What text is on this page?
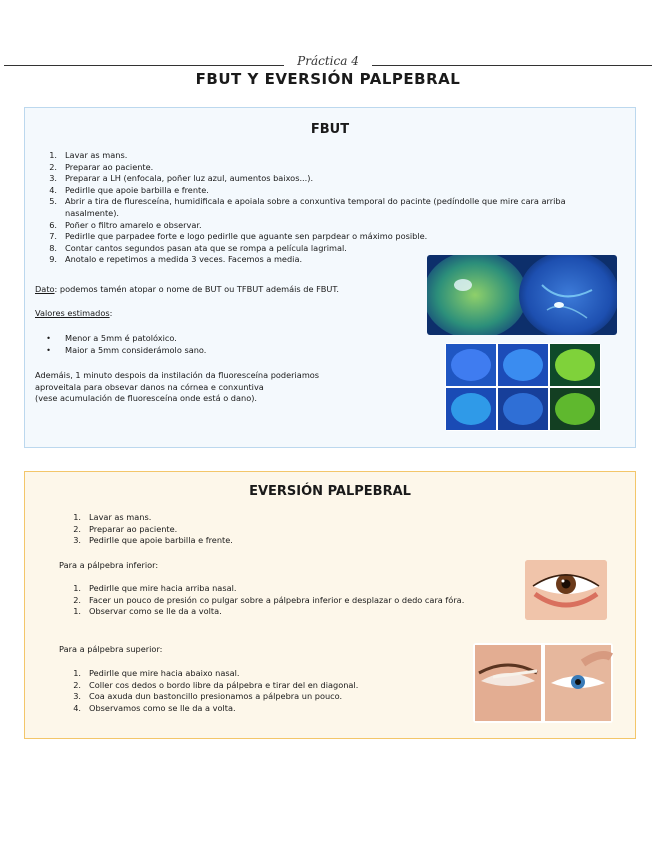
Práctica 4
FBUT Y EVERSIÓN PALPEBRAL
FBUT
1. Lavar as mans.
2. Preparar ao paciente.
3. Preparar a LH (enfocala, poñer luz azul, aumentos baixos...).
4. Pedirlle que apoie barbilla e frente.
5. Abrir a tira de fluresceína, humidificala e apoiala sobre a conxuntiva temporal do pacinte (pedíndolle que mire cara arriba nasalmente).
6. Poñer o filtro amarelo e observar.
7. Pedirlle que parpadee forte e logo pedirlle que aguante sen parpdear o máximo posible.
8. Contar cantos segundos pasan ata que se rompa a película lagrimal.
9. Anotalo e repetimos a medida 3 veces. Facemos a media.
Dato: podemos tamén atopar o nome de BUT ou TFBUT ademáis de FBUT.
Valores estimados:
• Menor a 5mm é patolóxico.
• Maior a 5mm considerámolo sano.
Ademáis, 1 minuto despois da instilación da fluoresceína poderiamos
aproveitala para obsevar danos na córnea e conxuntiva
(vese acumulación de fluoresceína onde está o dano).
EVERSIÓN PALPEBRAL
1. Lavar as mans.
2. Preparar ao paciente.
3. Pedirlle que apoie barbilla e frente.
Para a pálpebra inferior:
1. Pedirlle que mire hacia arriba nasal.
2. Facer un pouco de presión co pulgar sobre a pálpebra inferior e desplazar o dedo cara fóra.
1. Observar como se lle da a volta.
Para a pálpebra superior:
1. Pedirlle que mire hacia abaixo nasal.
2. Coller cos dedos o bordo libre da pálpebra e tirar del en diagonal.
3. Coa axuda dun bastoncillo presionamos a pálpebra un pouco.
4. Observamos como se lle da a volta.
